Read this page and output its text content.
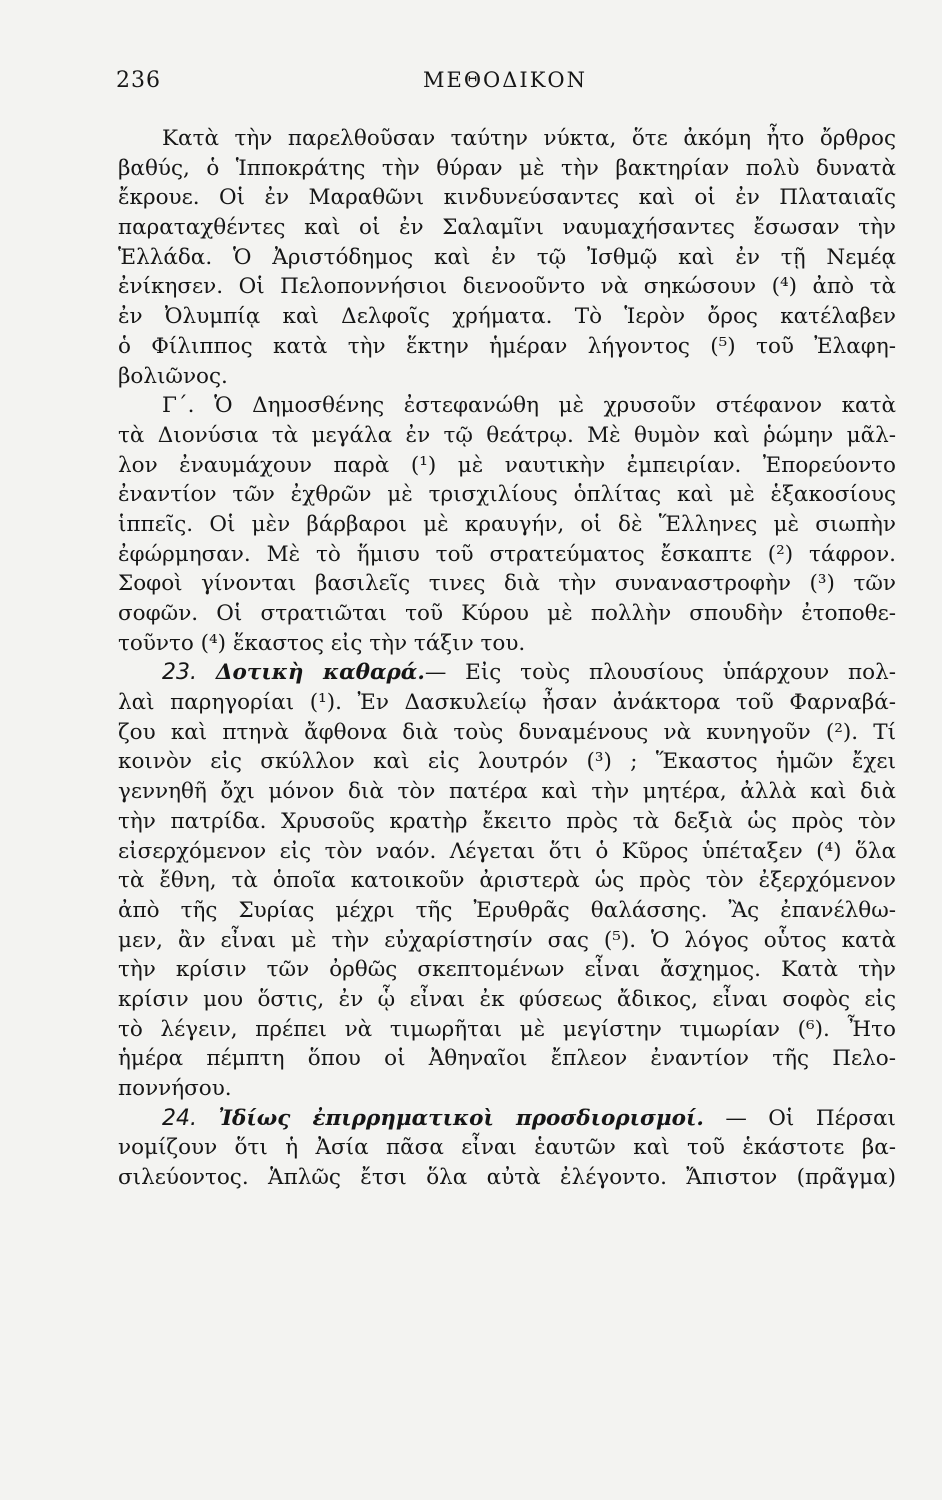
236	ΜΕΘΟΔΙΚΟΝ
Κατὰ τὴν παρελθοῦσαν ταύτην νύκτα, ὅτε ἀκόμη ἦτο ὄρθρος
βαθύς, ὁ Ἱπποκράτης τὴν θύραν μὲ τὴν βακτηρίαν πολὺ δυνατὰ
ἔκρουε. Οἱ ἐν Μαραθῶνι κινδυνεύσαντες καὶ οἱ ἐν Πλαταιαῖς
παραταχθέντες καὶ οἱ ἐν Σαλαμῖνι ναυμαχήσαντες ἔσωσαν τὴν
Ἑλλάδα. Ὁ Ἀριστόδημος καὶ ἐν τῷ Ἰσθμῷ καὶ ἐν τῇ Νεμέᾳ
ἐνίκησεν. Οἱ Πελοποννήσιοι διενοοῦντο νὰ σηκώσουν (⁴) ἀπὸ τὰ
ἐν Ὀλυμπίᾳ καὶ Δελφοῖς χρήματα. Τὸ Ἱερὸν ὄρος κατέλαβεν
ὁ Φίλιππος κατὰ τὴν ἕκτην ἡμέραν λήγοντος (⁵) τοῦ Ἐλαφη-
βολιῶνος.
Γ΄. Ὁ Δημοσθένης ἐστεφανώθη μὲ χρυσοῦν στέφανον κατὰ
τὰ Διονύσια τὰ μεγάλα ἐν τῷ θεάτρῳ. Μὲ θυμὸν καὶ ῥώμην μᾶλ-
λον ἐναυμάχουν παρὰ (¹) μὲ ναυτικὴν ἐμπειρίαν. Ἐπορεύοντο
ἐναντίον τῶν ἐχθρῶν μὲ τρισχιλίους ὁπλίτας καὶ μὲ ἑξακοσίους
ἱππεῖς. Οἱ μὲν βάρβαροι μὲ κραυγήν, οἱ δὲ Ἕλληνες μὲ σιωπὴν
ἐφώρμησαν. Μὲ τὸ ἥμισυ τοῦ στρατεύματος ἔσκαπτε (²) τάφρον.
Σοφοὶ γίνονται βασιλεῖς τινες διὰ τὴν συναναστροφὴν (³) τῶν
σοφῶν. Οἱ στρατιῶται τοῦ Κύρου μὲ πολλὴν σπουδὴν ἐτοποθε-
τοῦντο (⁴) ἕκαστος εἰς τὴν τάξιν του.
23. Δοτικὴ καθαρά.— Εἰς τοὺς πλουσίους ὑπάρχουν πολ-
λαὶ παρηγορίαι (¹). Ἐν Δασκυλείῳ ἦσαν ἀνάκτορα τοῦ Φαρναβά-
ζου καὶ πτηνὰ ἄφθονα διὰ τοὺς δυναμένους νὰ κυνηγοῦν (²). Τί
κοινὸν εἰς σκύλλον καὶ εἰς λουτρόν (³) ; Ἕκαστος ἡμῶν ἔχει
γεννηθῆ ὄχι μόνον διὰ τὸν πατέρα καὶ τὴν μητέρα, ἀλλὰ καὶ διὰ
τὴν πατρίδα. Χρυσοῦς κρατὴρ ἔκειτο πρὸς τὰ δεξιὰ ὡς πρὸς τὸν
εἰσερχόμενον εἰς τὸν ναόν. Λέγεται ὅτι ὁ Κῦρος ὑπέταξεν (⁴) ὅλα
τὰ ἔθνη, τὰ ὁποῖα κατοικοῦν ἀριστερὰ ὡς πρὸς τὸν ἐξερχόμενον
ἀπὸ τῆς Συρίας μέχρι τῆς Ἐρυθρᾶς θαλάσσης. Ἂς ἐπανέλθω-
μεν, ἂν εἶναι μὲ τὴν εὐχαρίστησίν σας (⁵). Ὁ λόγος οὗτος κατὰ
τὴν κρίσιν τῶν ὀρθῶς σκεπτομένων εἶναι ἄσχημος. Κατὰ τὴν
κρίσιν μου ὅστις, ἐν ᾧ εἶναι ἐκ φύσεως ἄδικος, εἶναι σοφὸς εἰς
τὸ λέγειν, πρέπει νὰ τιμωρῆται μὲ μεγίστην τιμωρίαν (⁶). Ἦτο
ἡμέρα πέμπτη ὅπου οἱ Ἀθηναῖοι ἔπλεον ἐναντίον τῆς Πελο-
ποννήσου.
24. Ἰδίως ἐπιρρηματικοὶ προσδιορισμοί. — Οἱ Πέρσαι
νομίζουν ὅτι ἡ Ἀσία πᾶσα εἶναι ἑαυτῶν καὶ τοῦ ἑκάστοτε βα-
σιλεύοντος. Ἁπλῶς ἔτσι ὅλα αὐτὰ ἐλέγοντο. Ἄπιστον (πρᾶγμα)
